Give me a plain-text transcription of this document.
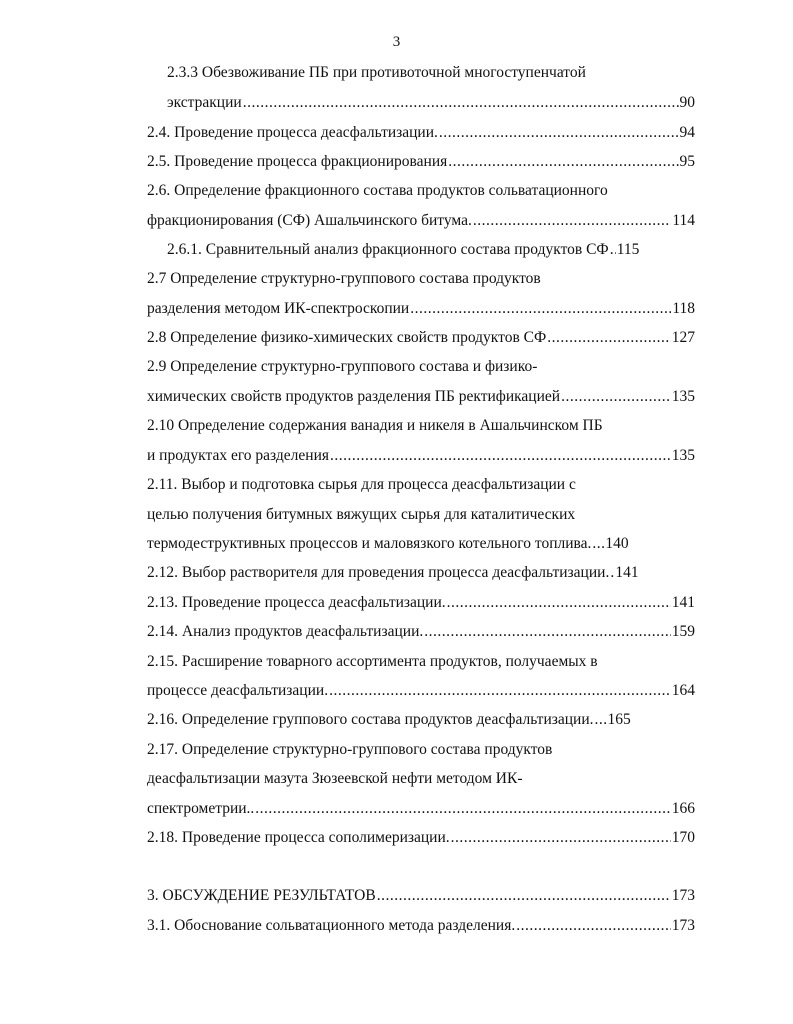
3
2.3.3 Обезвоживание ПБ при противоточной многоступенчатой
экстракции .....	90
2.4. Проведение процесса деасфальтизации. .....	94
2.5. Проведение процесса фракционирования .....	95
2.6. Определение фракционного состава продуктов сольватационного
фракционирования (СФ) Ашальчинского битума. .....	114
2.6.1. Сравнительный анализ фракционного состава продуктов СФ ..... 115
2.7 Определение структурно-группового состава продуктов
разделения методом ИК-спектроскопии .....	118
2.8 Определение физико-химических свойств продуктов СФ .....	127
2.9 Определение структурно-группового состава и физико-
химических свойств продуктов разделения ПБ ректификацией .....	135
2.10 Определение содержания ванадия и никеля в Ашальчинском ПБ
и продуктах его разделения .....	135
2.11. Выбор и подготовка сырья для процесса деасфальтизации с
целью получения битумных вяжущих сырья для каталитических
термодеструктивных процессов и маловязкого котельного топлива. ..... 140
2.12. Выбор растворителя для проведения процесса деасфальтизации. ..... 141
2.13. Проведение процесса деасфальтизации. .....	141
2.14. Анализ продуктов деасфальтизации. .....	159
2.15. Расширение товарного ассортимента продуктов, получаемых в
процессе деасфальтизации. .....	164
2.16. Определение группового состава продуктов деасфальтизации. ..... 165
2.17. Определение структурно-группового состава продуктов
деасфальтизации мазута Зюзеевской нефти методом ИК-
спектрометрии.. .....	166
2.18. Проведение процесса сополимеризации. .....	170
3. ОБСУЖДЕНИЕ РЕЗУЛЬТАТОВ .....	173
3.1. Обоснование сольватационного метода разделения. .....	173
